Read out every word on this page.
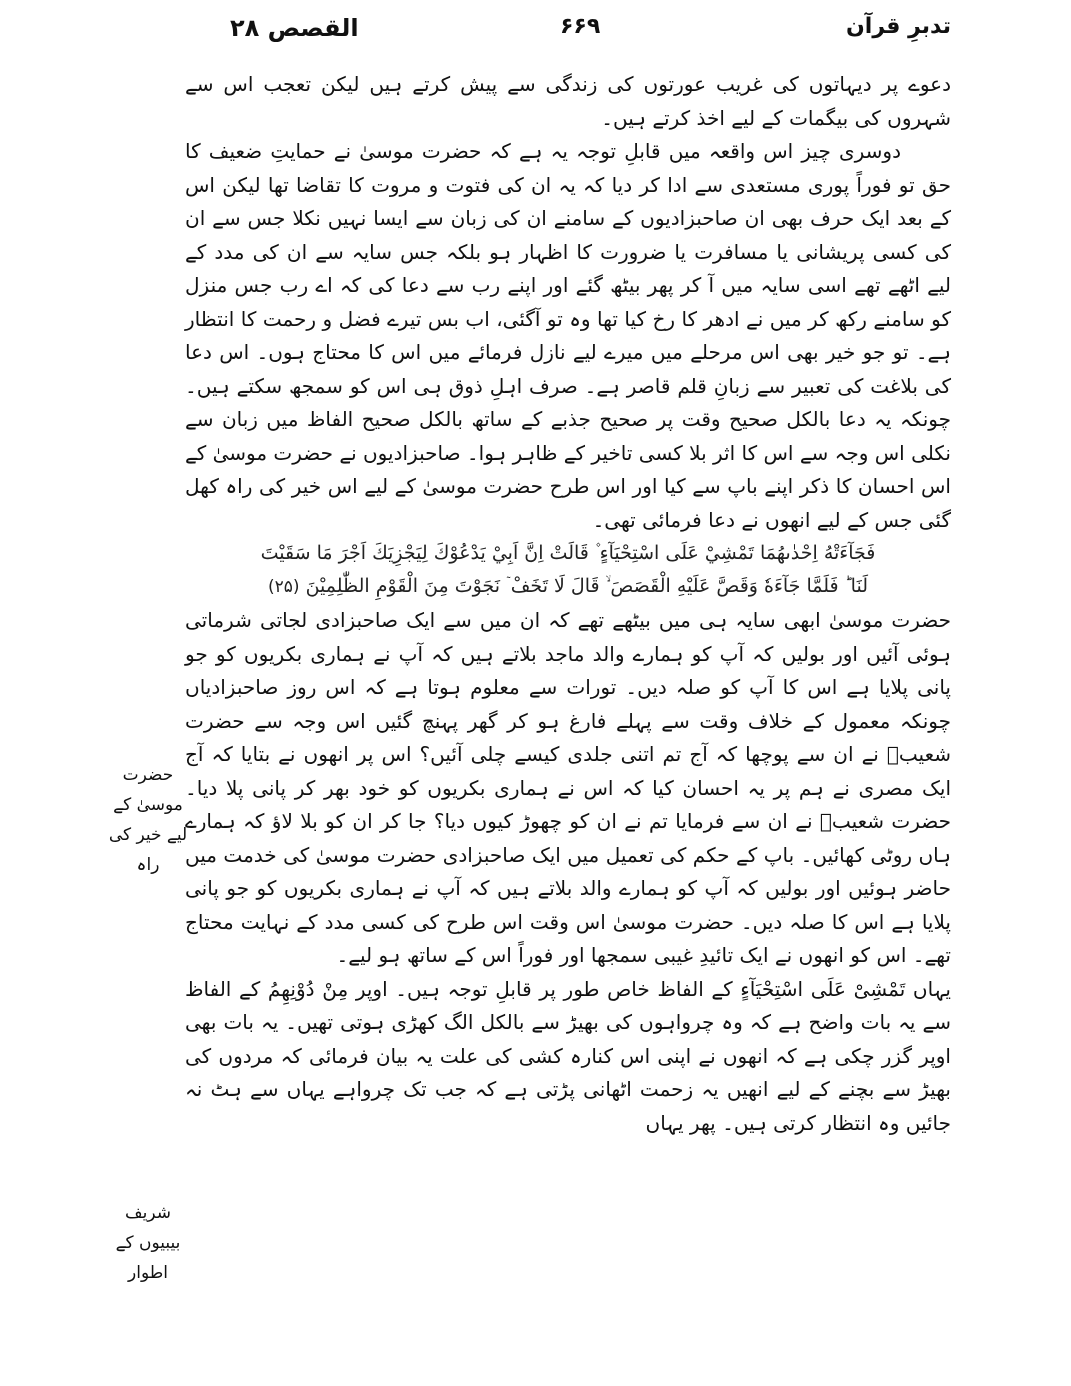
تدبرِ قرآن
۶۶۹
القصص ۲۸

دعوے پر دیہاتوں کی غریب عورتوں کی زندگی سے پیش کرتے ہیں لیکن تعجب اس سے شہروں کی بیگمات کے لیے اخذ کرتے ہیں۔

دوسری چیز اس واقعہ میں قابلِ توجہ یہ ہے کہ حضرت موسیٰ نے حمایتِ ضعیف کا حق تو فوراً پوری مستعدی سے ادا کر دیا کہ یہ ان کی فتوت و مروت کا تقاضا تھا لیکن اس کے بعد ایک حرف بھی ان صاحبزادیوں کے سامنے ان کی زبان سے ایسا نہیں نکلا جس سے ان کی کسی پریشانی یا مسافرت یا ضرورت کا اظہار ہو بلکہ جس سایہ سے ان کی مدد کے لیے اٹھے تھے اسی سایہ میں آ کر پھر بیٹھ گئے اور اپنے رب سے دعا کی کہ اے رب جس منزل کو سامنے رکھ کر میں نے ادھر کا رخ کیا تھا وہ تو آگئی، اب بس تیرے فضل و رحمت کا انتظار ہے۔ تو جو خیر بھی اس مرحلے میں میرے لیے نازل فرمائے میں اس کا محتاج ہوں۔ اس دعا کی بلاغت کی تعبیر سے زبانِ قلم قاصر ہے۔ صرف اہلِ ذوق ہی اس کو سمجھ سکتے ہیں۔ چونکہ یہ دعا بالکل صحیح وقت پر صحیح جذبے کے ساتھ بالکل صحیح الفاظ میں زبان سے نکلی اس وجہ سے اس کا اثر بلا کسی تاخیر کے ظاہر ہوا۔ صاحبزادیوں نے حضرت موسیٰ کے اس احسان کا ذکر اپنے باپ سے کیا اور اس طرح حضرت موسیٰ کے لیے اس خیر کی راہ کھل گئی جس کے لیے انھوں نے دعا فرمائی تھی۔

فَجَآءَتْهُ اِحْدٰىهُمَا تَمْشِيْ عَلَى اسْتِحْيَآءٍ ۫ قَالَتْ اِنَّ اَبِيْ يَدْعُوْكَ لِيَجْزِيَكَ اَجْرَ مَا سَقَيْتَ
لَنَا ؕ فَلَمَّا جَآءَهٗ وَقَصَّ عَلَيْهِ الْقَصَصَ ۙ قَالَ لَا تَخَفْ ٙ نَجَوْتَ مِنَ الْقَوْمِ الظّٰلِمِيْنَ (۲۵)

حضرت موسیٰ ابھی سایہ ہی میں بیٹھے تھے کہ ان میں سے ایک صاحبزادی لجاتی شرماتی ہوئی آئیں اور بولیں کہ آپ کو ہمارے والد ماجد بلاتے ہیں کہ آپ نے ہماری بکریوں کو جو پانی پلایا ہے اس کا آپ کو صلہ دیں۔ تورات سے معلوم ہوتا ہے کہ اس روز صاحبزادیاں چونکہ معمول کے خلاف وقت سے پہلے فارغ ہو کر گھر پہنچ گئیں اس وجہ سے حضرت شعیبؑ نے ان سے پوچھا کہ آج تم اتنی جلدی کیسے چلی آئیں؟ اس پر انھوں نے بتایا کہ آج ایک مصری نے ہم پر یہ احسان کیا کہ اس نے ہماری بکریوں کو خود بھر کر پانی پلا دیا۔ حضرت شعیبؑ نے ان سے فرمایا تم نے ان کو چھوڑ کیوں دیا؟ جا کر ان کو بلا لاؤ کہ ہمارے ہاں روٹی کھائیں۔ باپ کے حکم کی تعمیل میں ایک صاحبزادی حضرت موسیٰ کی خدمت میں حاضر ہوئیں اور بولیں کہ آپ کو ہمارے والد بلاتے ہیں کہ آپ نے ہماری بکریوں کو جو پانی پلایا ہے اس کا صلہ دیں۔ حضرت موسیٰ اس وقت اس طرح کی کسی مدد کے نہایت محتاج تھے۔ اس کو انھوں نے ایک تائیدِ غیبی سمجھا اور فوراً اس کے ساتھ ہو لیے۔

یہاں تَمْشِیْ عَلَی اسْتِحْیَآءٍ کے الفاظ خاص طور پر قابلِ توجہ ہیں۔ اوپر مِنْ دُوْنِهِمُ کے الفاظ سے یہ بات واضح ہے کہ وہ چرواہوں کی بھیڑ سے بالکل الگ کھڑی ہوتی تھیں۔ یہ بات بھی اوپر گزر چکی ہے کہ انھوں نے اپنی اس کنارہ کشی کی علت یہ بیان فرمائی کہ مردوں کی بھیڑ سے بچنے کے لیے انھیں یہ زحمت اٹھانی پڑتی ہے کہ جب تک چرواہے یہاں سے ہٹ نہ جائیں وہ انتظار کرتی ہیں۔ پھر یہاں

حضرت موسیٰ کے لیے خیر کی راہ
شریف بیبیوں کے اطوار
